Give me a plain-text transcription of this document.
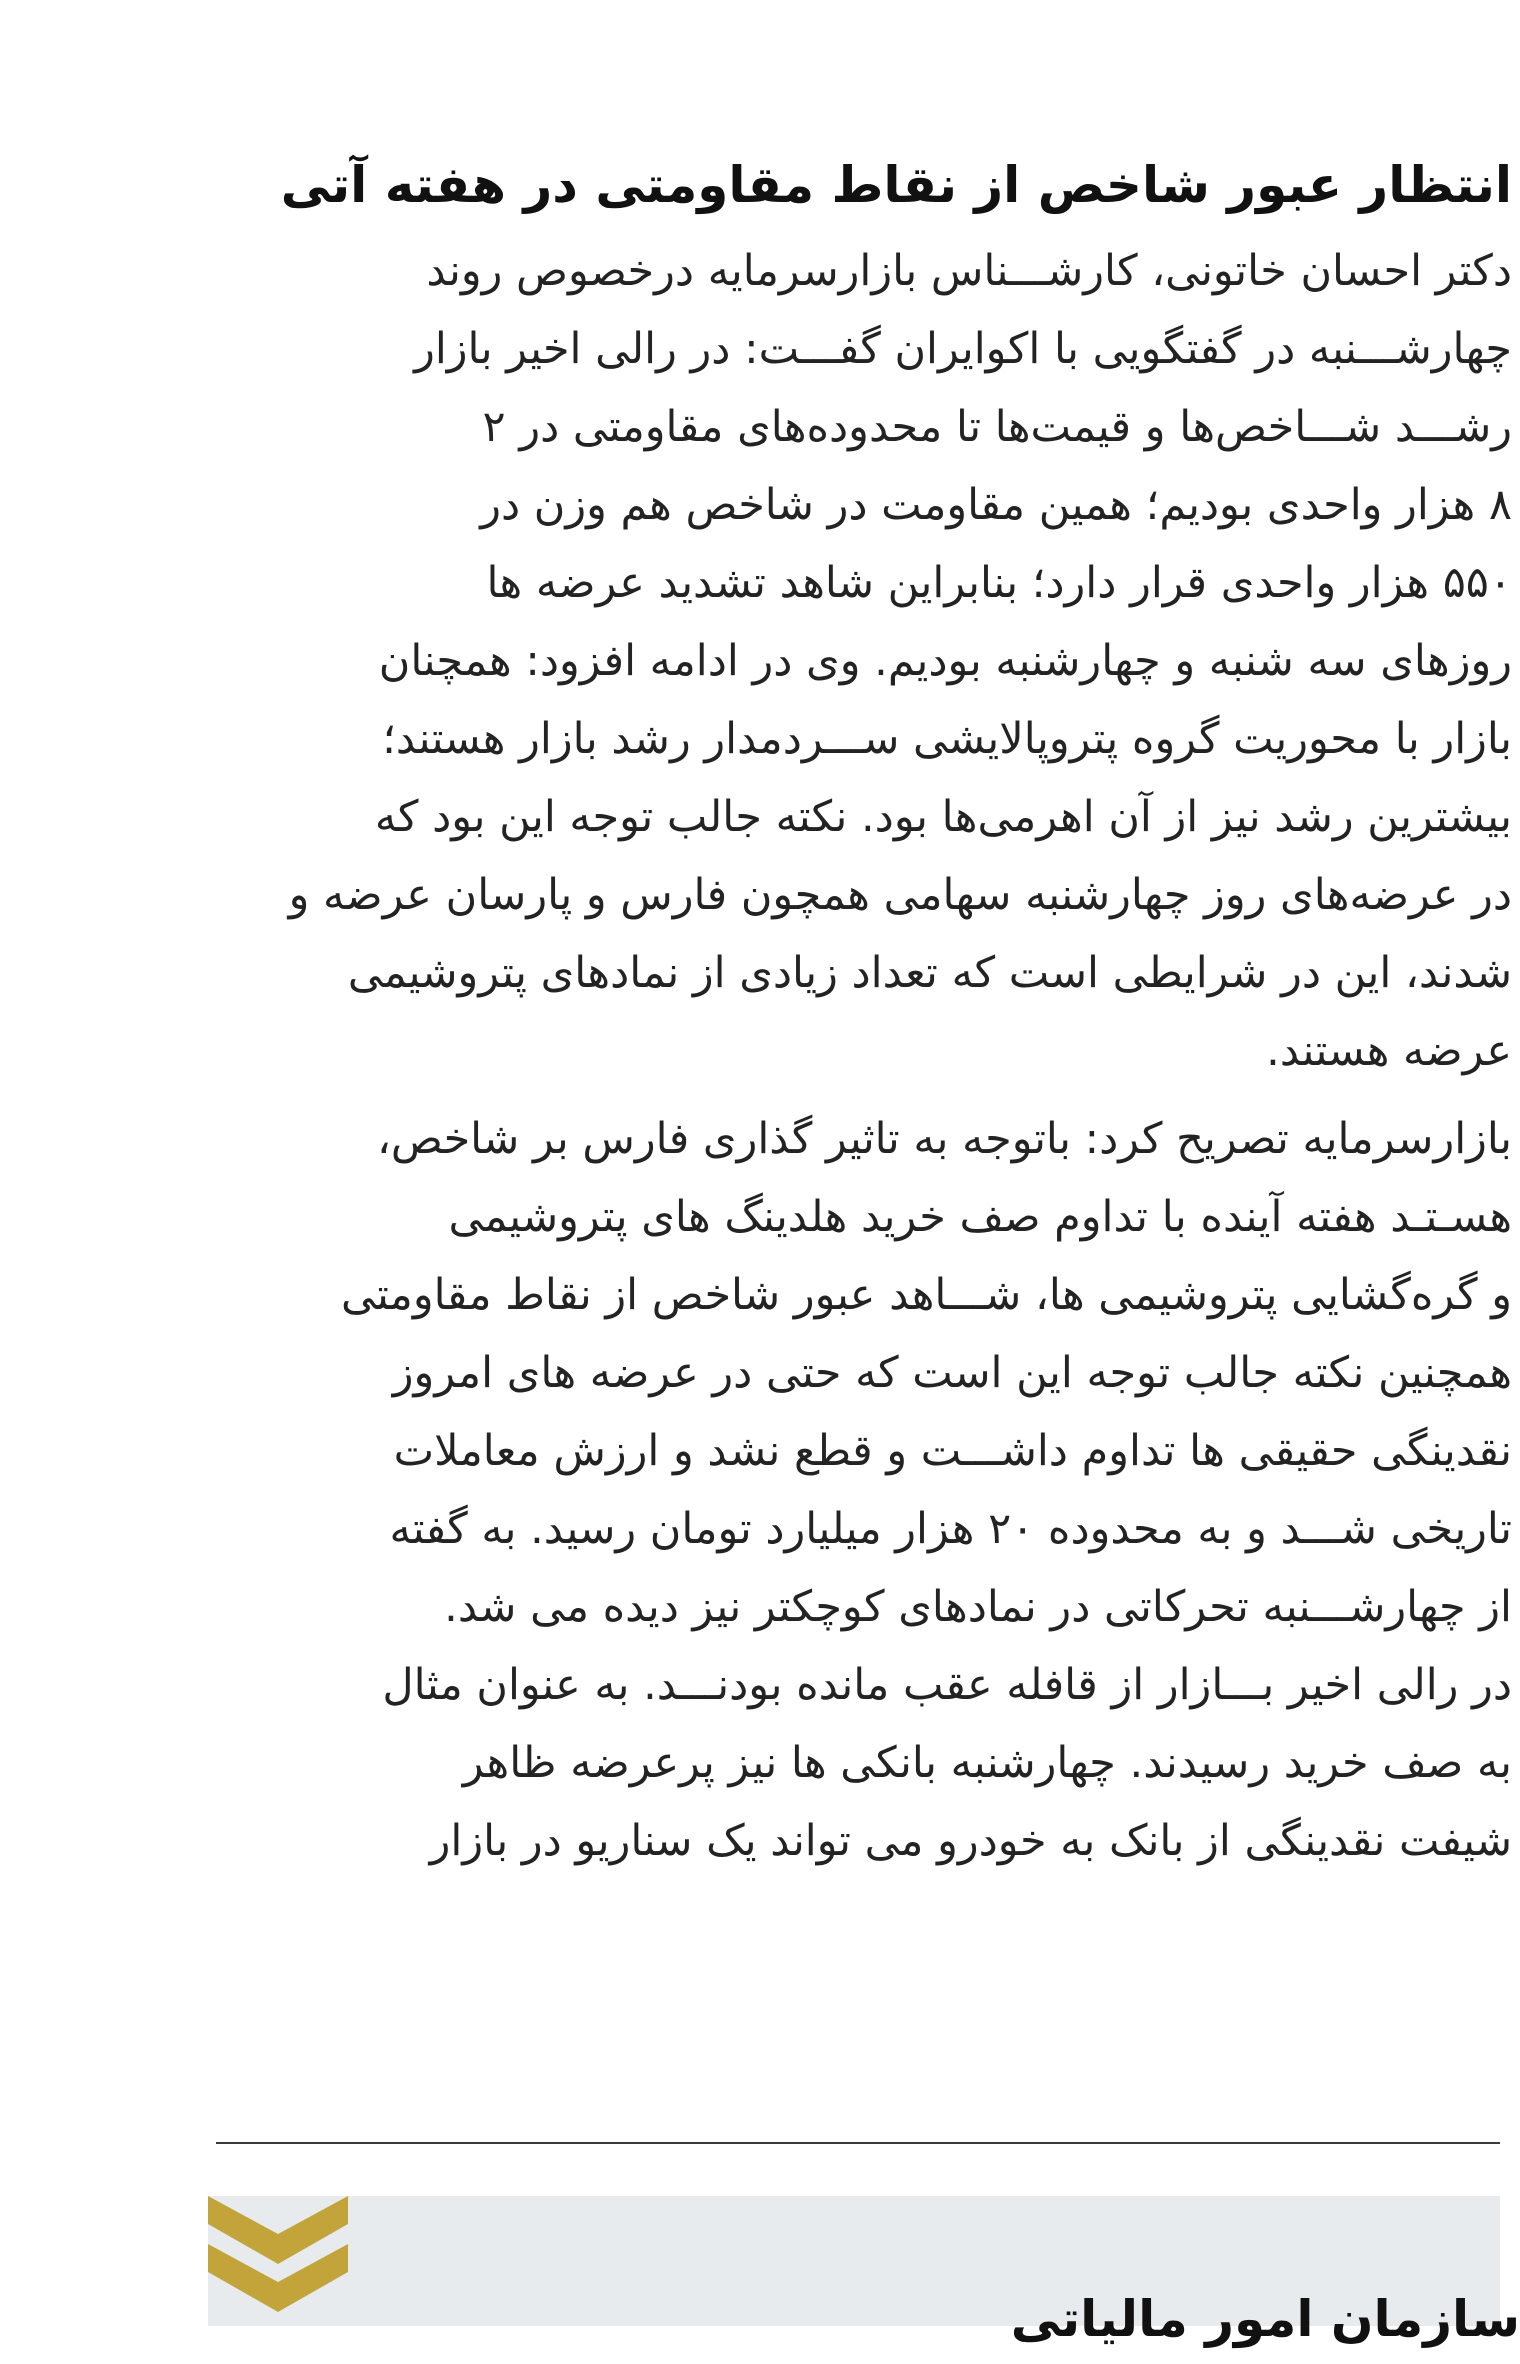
انتظار عبور شاخص از نقاط مقاومتی در هفته آتی
دکتر احسان خاتونی، کارشـــناس بازارسرمایه درخصوص روند
چهارشـــنبه در گفتگویی با اکوایران گفـــت: در رالی اخیر بازار
رشـــد شـــاخص‌ها و قیمت‌ها تا محدوده‌های مقاومتی در ۲
۸ هزار واحدی بودیم؛ همین مقاومت در شاخص هم وزن در
۵۵۰ هزار واحدی قرار دارد؛ بنابراین شاهد تشدید عرضه ها
روزهای سه شنبه و چهارشنبه بودیم. وی در ادامه افزود: همچنان
بازار با محوریت گروه پتروپالایشی ســـردمدار رشد بازار هستند؛
بیشترین رشد نیز از آن اهرمی‌ها بود. نکته جالب توجه این بود که
در عرضه‌های روز چهارشنبه سهامی همچون فارس و پارسان عرضه و
شدند، این در شرایطی است که تعداد زیادی از نمادهای پتروشیمی
عرضه هستند.
بازارسرمایه تصریح کرد: باتوجه به تاثیر گذاری فارس بر شاخص،
هسـتـد هفته آینده با تداوم صف خرید هلدینگ های پتروشیمی
و گره‌گشایی پتروشیمی ها، شـــاهد عبور شاخص از نقاط مقاومتی
همچنین نکته جالب توجه این است که حتی در عرضه های امروز
نقدینگی حقیقی ها تداوم داشـــت و قطع نشد و ارزش معاملات
تاریخی شـــد و به محدوده ۲۰ هزار میلیارد تومان رسید. به گفته
از چهارشـــنبه تحرکاتی در نمادهای کوچکتر نیز دیده می شد.
در رالی اخیر بـــازار از قافله عقب مانده بودنـــد. به عنوان مثال
به صف خرید رسیدند. چهارشنبه بانکی ها نیز پرعرضه ظاهر
شیفت نقدینگی از بانک به خودرو می تواند یک سناریو در بازار
سازمان امور مالیاتی
